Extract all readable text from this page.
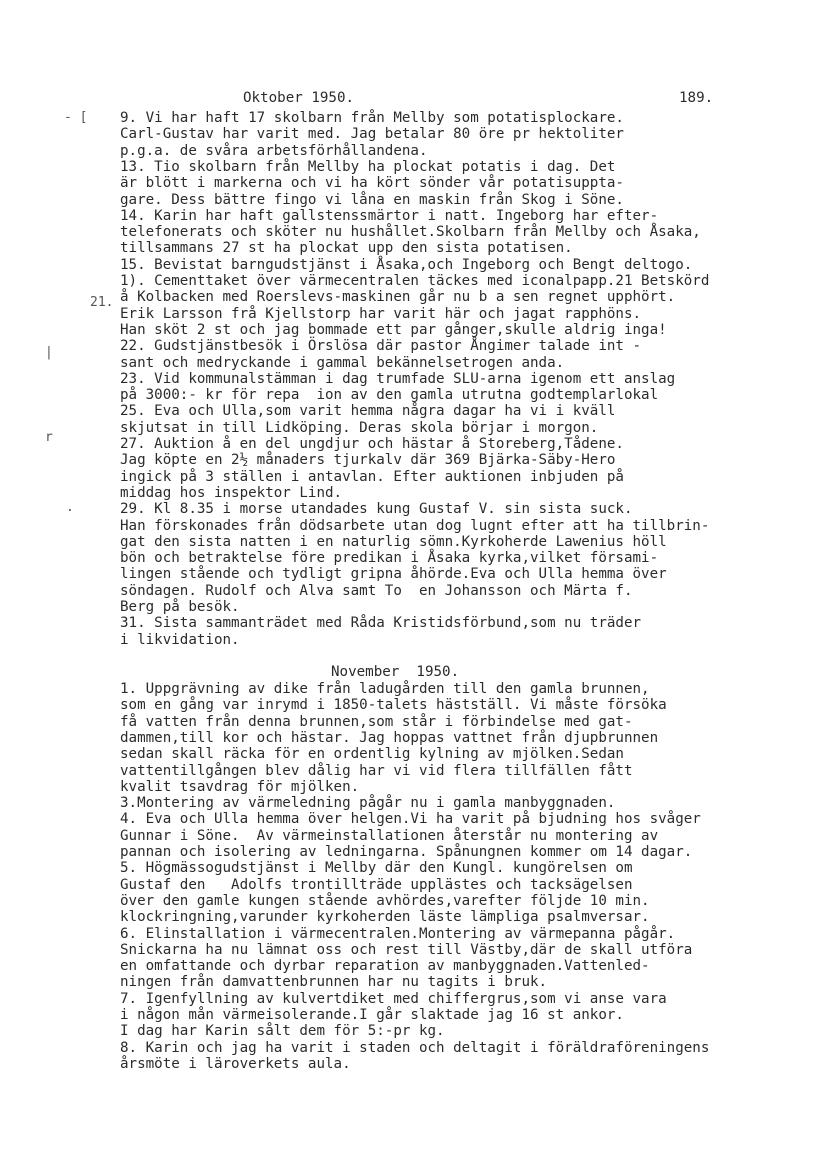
Oktober 1950.	189.
- [
21.
|
r
.
9. Vi har haft 17 skolbarn från Mellby som potatisplockare.
Carl-Gustav har varit med. Jag betalar 80 öre pr hektoliter
p.g.a. de svåra arbetsförhållandena.
13. Tio skolbarn från Mellby ha plockat potatis i dag. Det
är blött i markerna och vi ha kört sönder vår potatisuppta-
gare. Dess bättre fingo vi låna en maskin från Skog i Söne.
14. Karin har haft gallstenssmärtor i natt. Ingeborg har efter-
telefonerats och sköter nu hushållet.Skolbarn från Mellby och Åsaka,
tillsammans 27 st ha plockat upp den sista potatisen.
15. Bevistat barngudstjänst i Åsaka,och Ingeborg och Bengt deltogo.
1). Cementtaket över värmecentralen täckes med iconalpapp.21 Betskörd
å Kolbacken med Roerslevs-maskinen går nu b a sen regnet upphört.
Erik Larsson frå Kjellstorp har varit här och jagat rapphöns.
Han sköt 2 st och jag bommade ett par gånger,skulle aldrig inga!
22. Gudstjänstbesök i Örslösa där pastor Ångimer talade int -
sant och medryckande i gammal bekännelsetrogen anda.
23. Vid kommunalstämman i dag trumfade SLU-arna igenom ett anslag
på 3000:- kr för repa  ion av den gamla utrutna godtemplarlokal
25. Eva och Ulla,som varit hemma några dagar ha vi i kväll
skjutsat in till Lidköping. Deras skola börjar i morgon.
27. Auktion å en del ungdjur och hästar å Storeberg,Tådene.
Jag köpte en 2½ månaders tjurkalv där 369 Bjärka-Säby-Hero
ingick på 3 ställen i antavlan. Efter auktionen inbjuden på
middag hos inspektor Lind.
29. Kl 8.35 i morse utandades kung Gustaf V. sin sista suck.
Han förskonades från dödsarbete utan dog lugnt efter att ha tillbrin-
gat den sista natten i en naturlig sömn.Kyrkoherde Lawenius höll
bön och betraktelse före predikan i Åsaka kyrka,vilket försami-
lingen stående och tydligt gripna åhörde.Eva och Ulla hemma över
söndagen. Rudolf och Alva samt To  en Johansson och Märta f.
Berg på besök.
31. Sista sammanträdet med Råda Kristidsförbund,som nu träder
i likvidation.
November  1950.
1. Uppgrävning av dike från ladugården till den gamla brunnen,
som en gång var inrymd i 1850-talets hästställ. Vi måste försöka
få vatten från denna brunnen,som står i förbindelse med gat-
dammen,till kor och hästar. Jag hoppas vattnet från djupbrunnen
sedan skall räcka för en ordentlig kylning av mjölken.Sedan
vattentillgången blev dålig har vi vid flera tillfällen fått
kvalit tsavdrag för mjölken.
3.Montering av värmeledning pågår nu i gamla manbyggnaden.
4. Eva och Ulla hemma över helgen.Vi ha varit på bjudning hos svåger
Gunnar i Söne.  Av värmeinstallationen återstår nu montering av
pannan och isolering av ledningarna. Spånungnen kommer om 14 dagar.
5. Högmässogudstjänst i Mellby där den Kungl. kungörelsen om
Gustaf den   Adolfs trontillträde upplästes och tacksägelsen
över den gamle kungen stående avhördes,varefter följde 10 min.
klockringning,varunder kyrkoherden läste lämpliga psalmversar.
6. Elinstallation i värmecentralen.Montering av värmepanna pågår.
Snickarna ha nu lämnat oss och rest till Västby,där de skall utföra
en omfattande och dyrbar reparation av manbyggnaden.Vattenled-
ningen från damvattenbrunnen har nu tagits i bruk.
7. Igenfyllning av kulvertdiket med chiffergrus,som vi anse vara
i någon mån värmeisolerande.I går slaktade jag 16 st ankor.
I dag har Karin sålt dem för 5:-pr kg.
8. Karin och jag ha varit i staden och deltagit i föräldraföreningens
årsmöte i läroverkets aula.
